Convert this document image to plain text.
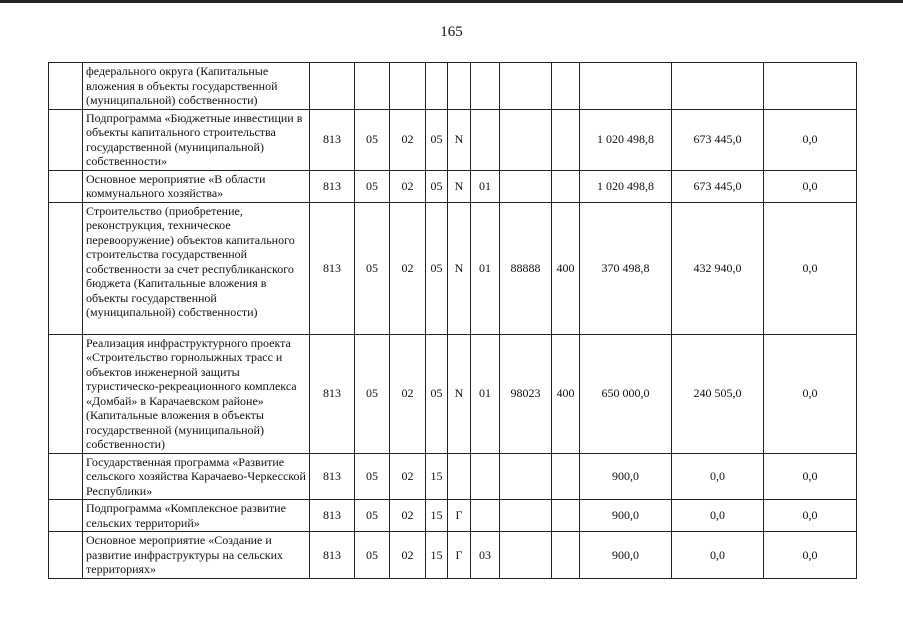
165
	федерального округа (Капитальные вложения в объекты государственной (муниципальной) собственности)											
	Подпрограмма «Бюджетные инвестиции в объекты капитального строительства государственной (муниципальной) собственности»	813	05	02	05	N				1 020 498,8	673 445,0	0,0
	Основное мероприятие «В области коммунального хозяйства»	813	05	02	05	N	01			1 020 498,8	673 445,0	0,0
	Строительство (приобретение, реконструкция, техническое перевооружение) объектов капитального строительства государственной собственности за счет республиканского бюджета (Капитальные вложения в объекты государственной (муниципальной) собственности)	813	05	02	05	N	01	88888	400	370 498,8	432 940,0	0,0
	Реализация инфраструктурного проекта «Строительство горнолыжных трасс и объектов инженерной защиты туристическо-рекреационного комплекса «Домбай» в Карачаевском районе» (Капитальные вложения в объекты государственной (муниципальной) собственности)	813	05	02	05	N	01	98023	400	650 000,0	240 505,0	0,0
	Государственная программа «Развитие сельского хозяйства Карачаево-Черкесской Республики»	813	05	02	15					900,0	0,0	0,0
	Подпрограмма «Комплексное развитие сельских территорий»	813	05	02	15	Г				900,0	0,0	0,0
	Основное мероприятие «Создание и развитие инфраструктуры на сельских территориях»	813	05	02	15	Г	03			900,0	0,0	0,0
